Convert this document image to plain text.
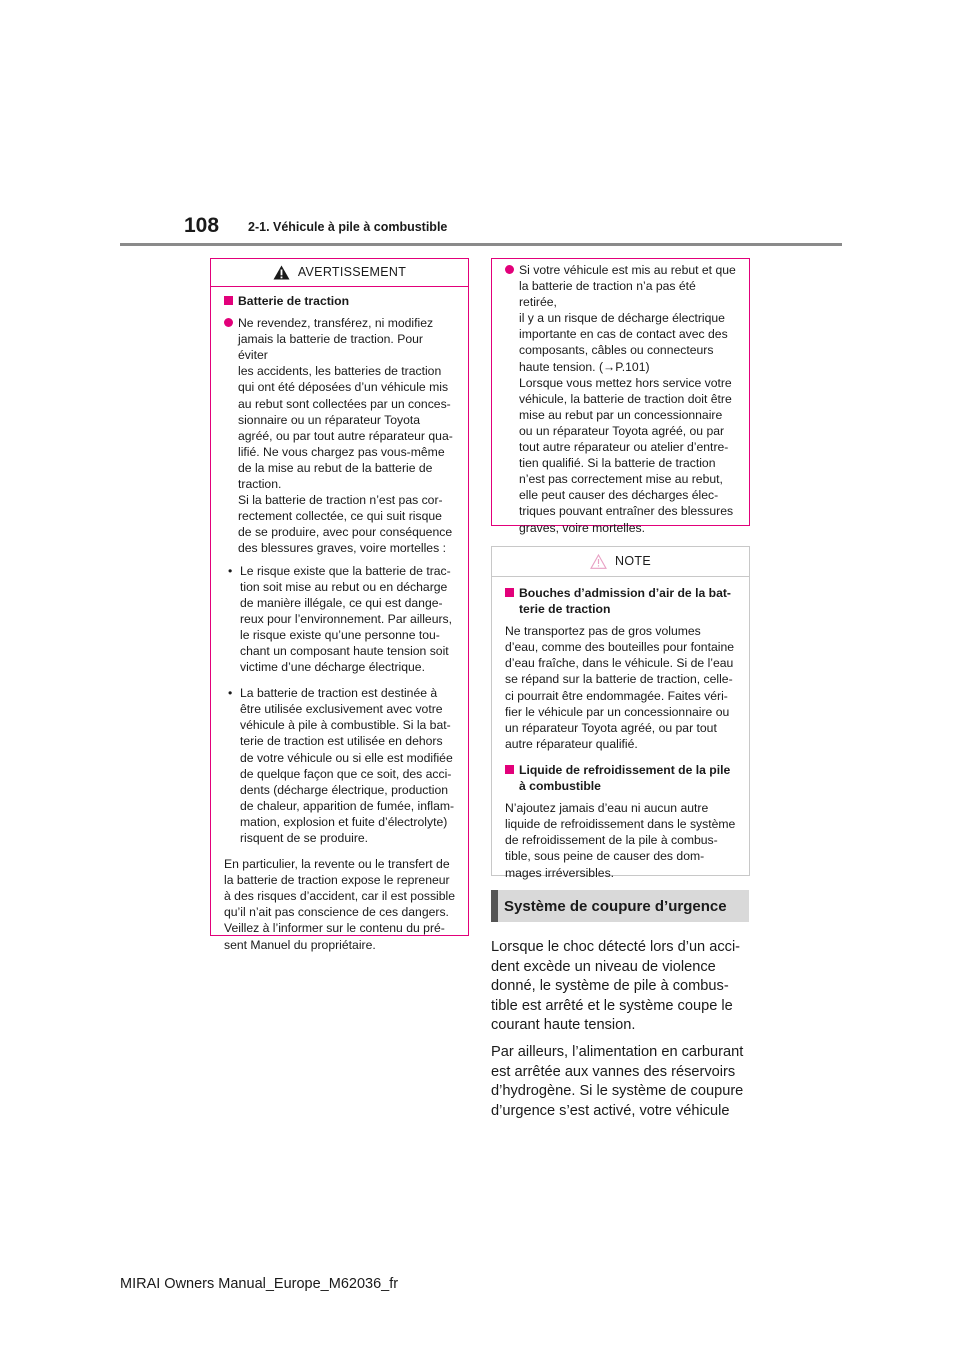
108 2-1. Véhicule à pile à combustible
AVERTISSEMENT
Batterie de traction

Ne revendez, transférez, ni modifiez
jamais la batterie de traction. Pour éviter
les accidents, les batteries de traction
qui ont été déposées d’un véhicule mis
au rebut sont collectées par un conces-
sionnaire ou un réparateur Toyota
agréé, ou par tout autre réparateur qua-
lifié. Ne vous chargez pas vous-même
de la mise au rebut de la batterie de
traction.

Si la batterie de traction n’est pas cor-
rectement collectée, ce qui suit risque
de se produire, avec pour conséquence
des blessures graves, voire mortelles :

• Le risque existe que la batterie de trac-
tion soit mise au rebut ou en décharge
de manière illégale, ce qui est dange-
reux pour l’environnement. Par ailleurs,
le risque existe qu’une personne tou-
chant un composant haute tension soit
victime d’une décharge électrique.
• La batterie de traction est destinée à
être utilisée exclusivement avec votre
véhicule à pile à combustible. Si la bat-
terie de traction est utilisée en dehors
de votre véhicule ou si elle est modifiée
de quelque façon que ce soit, des acci-
dents (décharge électrique, production
de chaleur, apparition de fumée, inflam-
mation, explosion et fuite d’électrolyte)
risquent de se produire.

En particulier, la revente ou le transfert de
la batterie de traction expose le repreneur
à des risques d’accident, car il est possible
qu’il n’ait pas conscience de ces dangers.
Veillez à l’informer sur le contenu du pré-
sent Manuel du propriétaire.

Si votre véhicule est mis au rebut et que
la batterie de traction n’a pas été retirée,
il y a un risque de décharge électrique
importante en cas de contact avec des
composants, câbles ou connecteurs
haute tension. (→P.101)

Lorsque vous mettez hors service votre
véhicule, la batterie de traction doit être
mise au rebut par un concessionnaire
ou un réparateur Toyota agréé, ou par
tout autre réparateur ou atelier d’entre-
tien qualifié. Si la batterie de traction
n’est pas correctement mise au rebut,
elle peut causer des décharges élec-
triques pouvant entraîner des blessures
graves, voire mortelles.

NOTE
Bouches d’admission d’air de la bat-
terie de traction

Ne transportez pas de gros volumes
d’eau, comme des bouteilles pour fontaine
d’eau fraîche, dans le véhicule. Si de l’eau
se répand sur la batterie de traction, celle-
ci pourrait être endommagée. Faites véri-
fier le véhicule par un concessionnaire ou
un réparateur Toyota agréé, ou par tout
autre réparateur qualifié.

Liquide de refroidissement de la pile
à combustible

N’ajoutez jamais d’eau ni aucun autre
liquide de refroidissement dans le système
de refroidissement de la pile à combus-
tible, sous peine de causer des dom-
mages irréversibles.

Système de coupure d’urgence

Lorsque le choc détecté lors d’un acci-
dent excède un niveau de violence
donné, le système de pile à combus-
tible est arrêté et le système coupe le
courant haute tension.

Par ailleurs, l’alimentation en carburant
est arrêtée aux vannes des réservoirs
d’hydrogène. Si le système de coupure
d’urgence s’est activé, votre véhicule

MIRAI Owners Manual_Europe_M62036_fr
